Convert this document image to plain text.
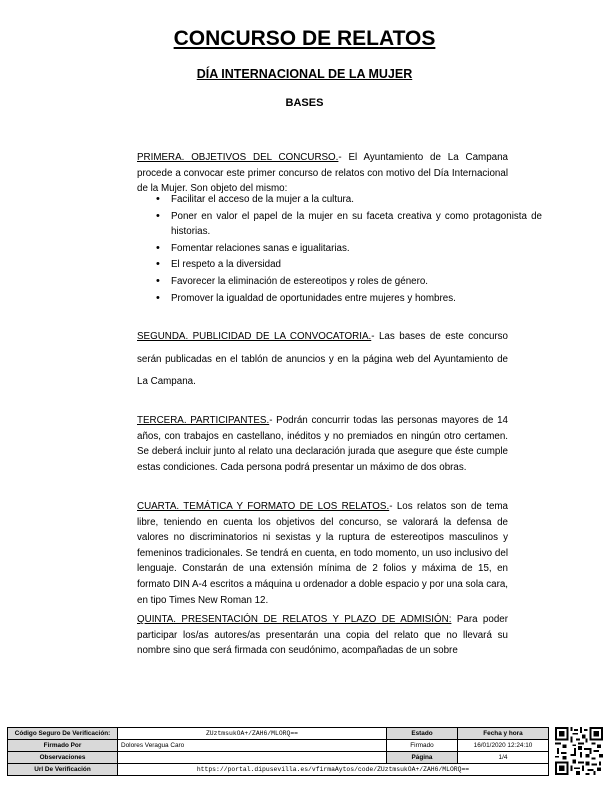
CONCURSO DE RELATOS
DÍA INTERNACIONAL DE LA MUJER
BASES

PRIMERA. OBJETIVOS DEL CONCURSO.- El Ayuntamiento de La Campana procede a convocar este primer concurso de relatos con motivo del Día Internacional de la Mujer. Son objeto del mismo:

• Facilitar el acceso de la mujer a la cultura.
• Poner en valor el papel de la mujer en su faceta creativa y como protagonista de historias.
• Fomentar relaciones sanas e igualitarias.
• El respeto a la diversidad
• Favorecer la eliminación de estereotipos y roles de género.
• Promover la igualdad de oportunidades entre mujeres y hombres.

SEGUNDA. PUBLICIDAD DE LA CONVOCATORIA.- Las bases de este concurso serán publicadas en el tablón de anuncios y en la página web del Ayuntamiento de La Campana.

TERCERA. PARTICIPANTES.- Podrán concurrir todas las personas mayores de 14 años, con trabajos en castellano, inéditos y no premiados en ningún otro certamen. Se deberá incluir junto al relato una declaración jurada que asegure que éste cumple estas condiciones. Cada persona podrá presentar un máximo de dos obras.

CUARTA. TEMÁTICA Y FORMATO DE LOS RELATOS.- Los relatos son de tema libre, teniendo en cuenta los objetivos del concurso, se valorará la defensa de valores no discriminatorios ni sexistas y la ruptura de estereotipos masculinos y femeninos tradicionales. Se tendrá en cuenta, en todo momento, un uso inclusivo del lenguaje. Constarán de una extensión mínima de 2 folios y máxima de 15, en formato DIN A-4 escritos a máquina u ordenador a doble espacio y por una sola cara, en tipo Times New Roman 12.

QUINTA. PRESENTACIÓN DE RELATOS Y PLAZO DE ADMISIÓN: Para poder participar los/as autores/as presentarán una copia del relato que no llevará su nombre sino que será firmada con seudónimo, acompañadas de un sobre

Código Seguro De Verificación:	ZUztmsukOA+/ZAH6/MLORQ==	Estado	Fecha y hora
Firmado Por	Dolores Veragua Caro	Firmado	16/01/2020 12:24:10
Observaciones		Página	1/4
Url De Verificación	https://portal.dipusevilla.es/vfirmaAytos/code/ZUztmsukOA+/ZAH6/MLORQ==		
